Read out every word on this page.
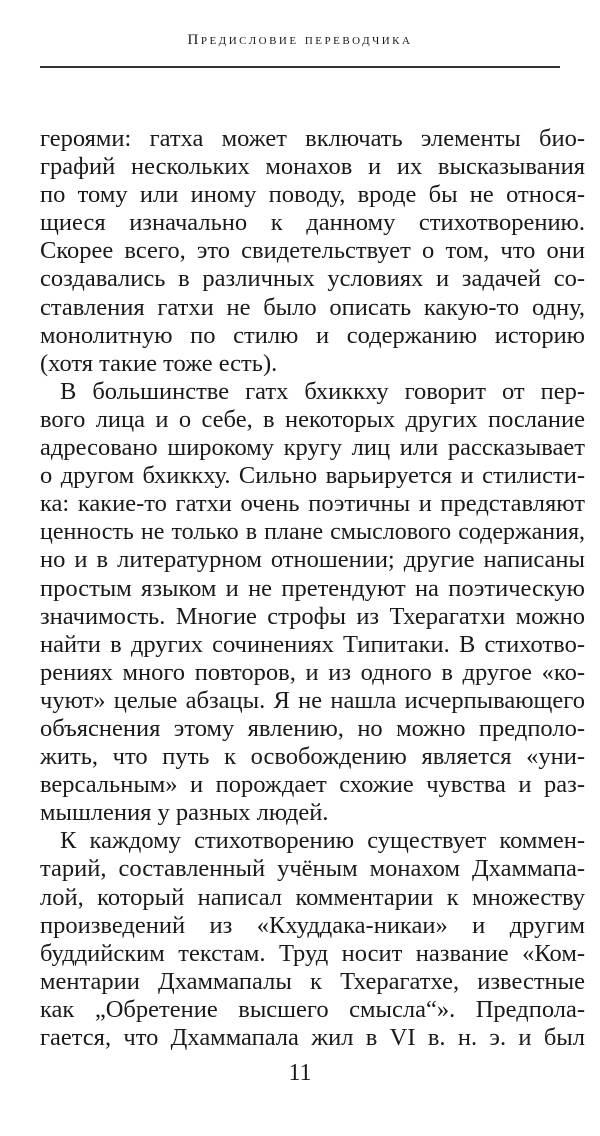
Предисловие переводчика
героями: гатха может включать элементы био-
графий нескольких монахов и их высказывания
по тому или иному поводу, вроде бы не относя-
щиеся изначально к данному стихотворению.
Скорее всего, это свидетельствует о том, что они
создавались в различных условиях и задачей со-
ставления гатхи не было описать какую-то одну,
монолитную по стилю и содержанию историю
(хотя такие тоже есть).
В большинстве гатх бхиккху говорит от пер-
вого лица и о себе, в некоторых других послание
адресовано широкому кругу лиц или рассказывает
о другом бхиккху. Сильно варьируется и стилисти-
ка: какие-то гатхи очень поэтичны и представляют
ценность не только в плане смыслового содержания,
но и в литературном отношении; другие написаны
простым языком и не претендуют на поэтическую
значимость. Многие строфы из Тхерагатхи можно
найти в других сочинениях Типитаки. В стихотво-
рениях много повторов, и из одного в другое «ко-
чуют» целые абзацы. Я не нашла исчерпывающего
объяснения этому явлению, но можно предполо-
жить, что путь к освобождению является «уни-
версальным» и порождает схожие чувства и раз-
мышления у разных людей.
К каждому стихотворению существует коммен-
тарий, составленный учёным монахом Дхаммапа-
лой, который написал комментарии к множеству
произведений из «Кхуддака-никаи» и другим
буддийским текстам. Труд носит название «Ком-
ментарии Дхаммапалы к Тхерагатхе, известные
как „Обретение высшего смысла“». Предпола-
гается, что Дхаммапала жил в VI в. н. э. и был
11
